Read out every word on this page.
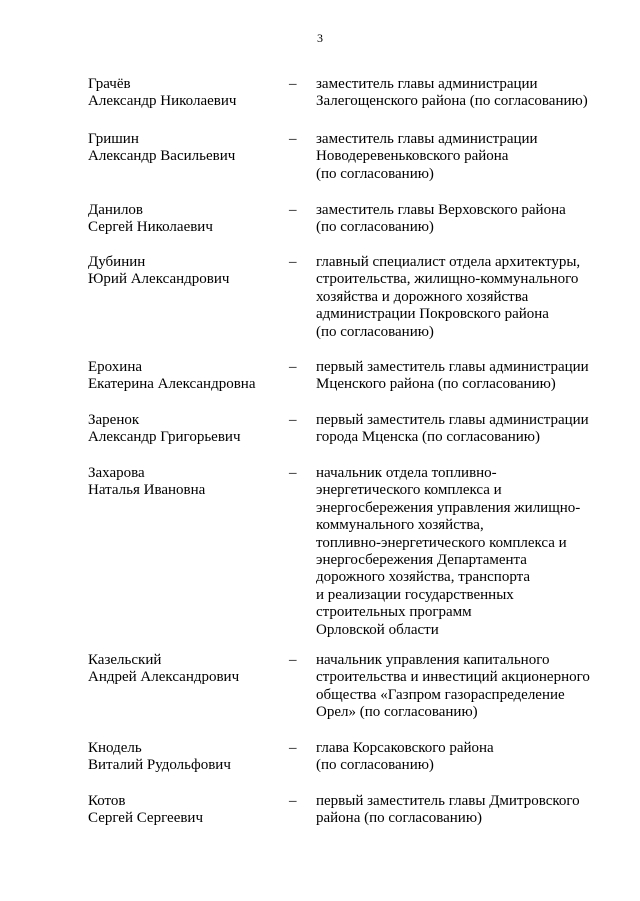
3
Грачёв
Александр Николаевич
– заместитель главы администрации
Залегощенского района (по согласованию)
Гришин
Александр Васильевич
– заместитель главы администрации
Новодеревеньковского района
(по согласованию)
Данилов
Сергей Николаевич
– заместитель главы Верховского района
(по согласованию)
Дубинин
Юрий Александрович
– главный специалист отдела архитектуры,
строительства, жилищно-коммунального
хозяйства и дорожного хозяйства
администрации Покровского района
(по согласованию)
Ерохина
Екатерина Александровна
– первый заместитель главы администрации
Мценского района (по согласованию)
Заренок
Александр Григорьевич
– первый заместитель главы администрации
города Мценска (по согласованию)
Захарова
Наталья Ивановна
– начальник отдела топливно-
энергетического комплекса и
энергосбережения управления жилищно-
коммунального хозяйства,
топливно-энергетического комплекса и
энергосбережения Департамента
дорожного хозяйства, транспорта
и реализации государственных
строительных программ
Орловской области
Казельский
Андрей Александрович
– начальник управления капитального
строительства и инвестиций акционерного
общества «Газпром газораспределение
Орел» (по согласованию)
Кнодель
Виталий Рудольфович
– глава Корсаковского района
(по согласованию)
Котов
Сергей Сергеевич
– первый заместитель главы Дмитровского
района (по согласованию)
